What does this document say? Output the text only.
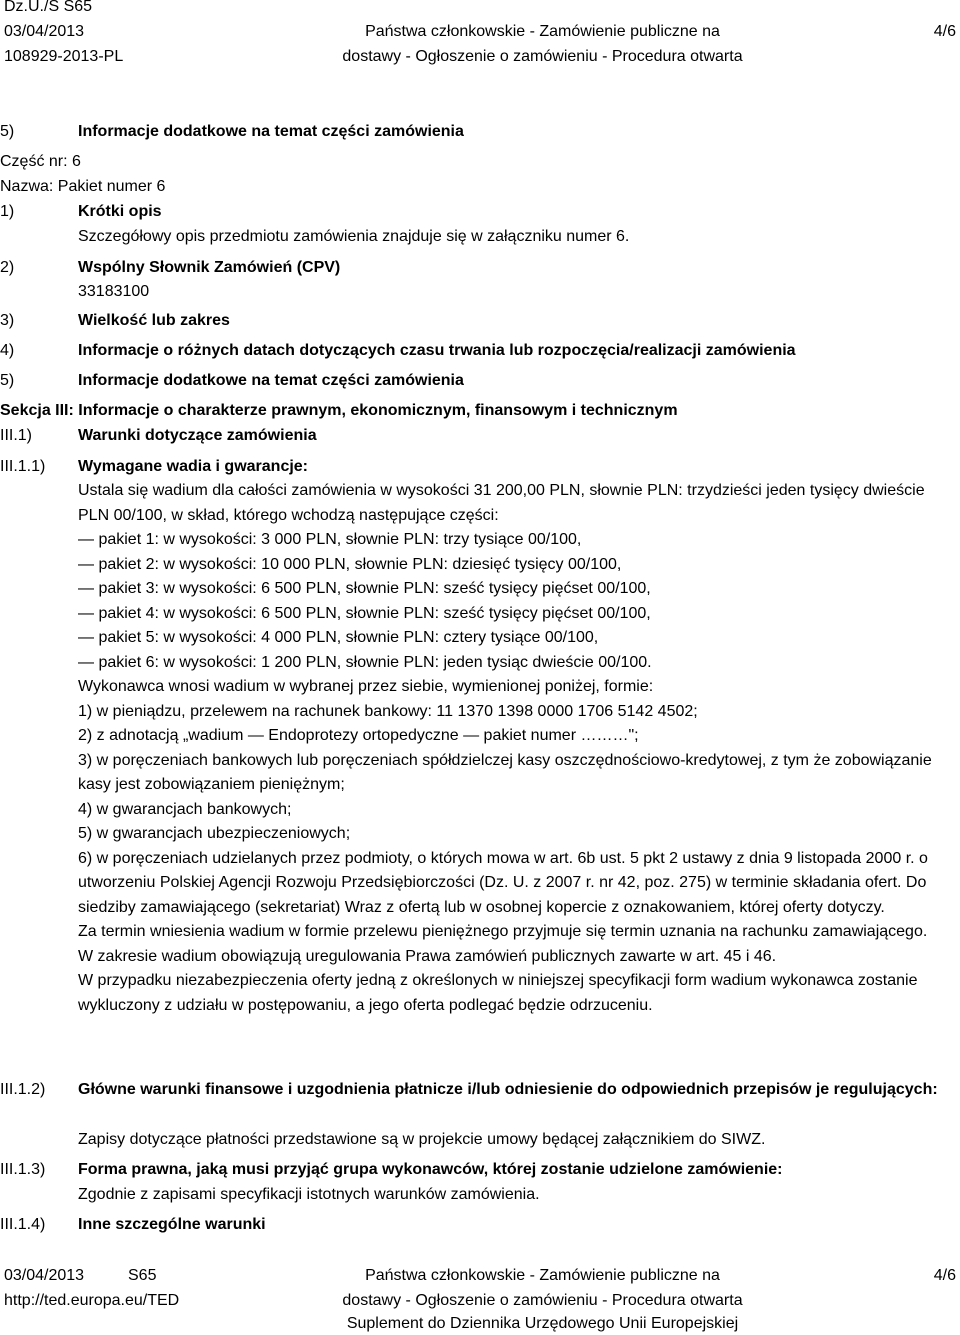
Dz.U./S S65
03/04/2013
108929-2013-PL
Państwa członkowskie - Zamówienie publiczne na
dostawy - Ogłoszenie o zamówieniu - Procedura otwarta
4/6
5)	Informacje dodatkowe na temat części zamówienia
Część nr: 6
Nazwa: Pakiet numer 6
1)	Krótki opis
Szczegółowy opis przedmiotu zamówienia znajduje się w załączniku numer 6.
2)	Wspólny Słownik Zamówień (CPV)
33183100
3)	Wielkość lub zakres
4)	Informacje o różnych datach dotyczących czasu trwania lub rozpoczęcia/realizacji zamówienia
5)	Informacje dodatkowe na temat części zamówienia
Sekcja III: Informacje o charakterze prawnym, ekonomicznym, finansowym i technicznym
III.1)	Warunki dotyczące zamówienia
III.1.1) Wymagane wadia i gwarancje:

Ustala się wadium dla całości zamówienia w wysokości 31 200,00 PLN, słownie PLN: trzydzieści jeden tysięcy dwieście PLN 00/100, w skład, którego wchodzą następujące części:

— pakiet 1: w wysokości: 3 000 PLN, słownie PLN: trzy tysiące 00/100,

— pakiet 2: w wysokości: 10 000 PLN, słownie PLN: dziesięć tysięcy 00/100,

— pakiet 3: w wysokości: 6 500 PLN, słownie PLN: sześć tysięcy pięćset 00/100,

— pakiet 4: w wysokości: 6 500 PLN, słownie PLN: sześć tysięcy pięćset 00/100,

— pakiet 5: w wysokości: 4 000 PLN, słownie PLN: cztery tysiące 00/100,

— pakiet 6: w wysokości: 1 200 PLN, słownie PLN: jeden tysiąc dwieście 00/100.

Wykonawca wnosi wadium w wybranej przez siebie, wymienionej poniżej, formie:

1) w pieniądzu, przelewem na rachunek bankowy: 11 1370 1398 0000 1706 5142 4502;

2) z adnotacją „wadium — Endoprotezy ortopedyczne — pakiet numer ………";

3) w poręczeniach bankowych lub poręczeniach spółdzielczej kasy oszczędnościowo-kredytowej, z tym że zobowiązanie kasy jest zobowiązaniem pieniężnym;

4) w gwarancjach bankowych;

5) w gwarancjach ubezpieczeniowych;

6) w poręczeniach udzielanych przez podmioty, o których mowa w art. 6b ust. 5 pkt 2 ustawy z dnia 9 listopada 2000 r. o utworzeniu Polskiej Agencji Rozwoju Przedsiębiorczości (Dz. U. z 2007 r. nr 42, poz. 275) w terminie składania ofert. Do siedziby zamawiającego (sekretariat) Wraz z ofertą lub w osobnej kopercie z oznakowaniem, której oferty dotyczy.

Za termin wniesienia wadium w formie przelewu pieniężnego przyjmuje się termin uznania na rachunku zamawiającego.

W zakresie wadium obowiązują uregulowania Prawa zamówień publicznych zawarte w art. 45 i 46.

W przypadku niezabezpieczenia oferty jedną z określonych w niniejszej specyfikacji form wadium wykonawca zostanie wykluczony z udziału w postępowaniu, a jego oferta podlegać będzie odrzuceniu.

III.1.2) Główne warunki finansowe i uzgodnienia płatnicze i/lub odniesienie do odpowiednich przepisów je regulujących:
Zapisy dotyczące płatności przedstawione są w projekcie umowy będącej załącznikiem do SIWZ.
III.1.3) Forma prawna, jaką musi przyjąć grupa wykonawców, której zostanie udzielone zamówienie:
Zgodnie z zapisami specyfikacji istotnych warunków zamówienia.
III.1.4) Inne szczególne warunki
03/04/2013	S65
http://ted.europa.eu/TED
Państwa członkowskie - Zamówienie publiczne na
dostawy - Ogłoszenie o zamówieniu - Procedura otwarta
Suplement do Dziennika Urzędowego Unii Europejskiej
4/6
